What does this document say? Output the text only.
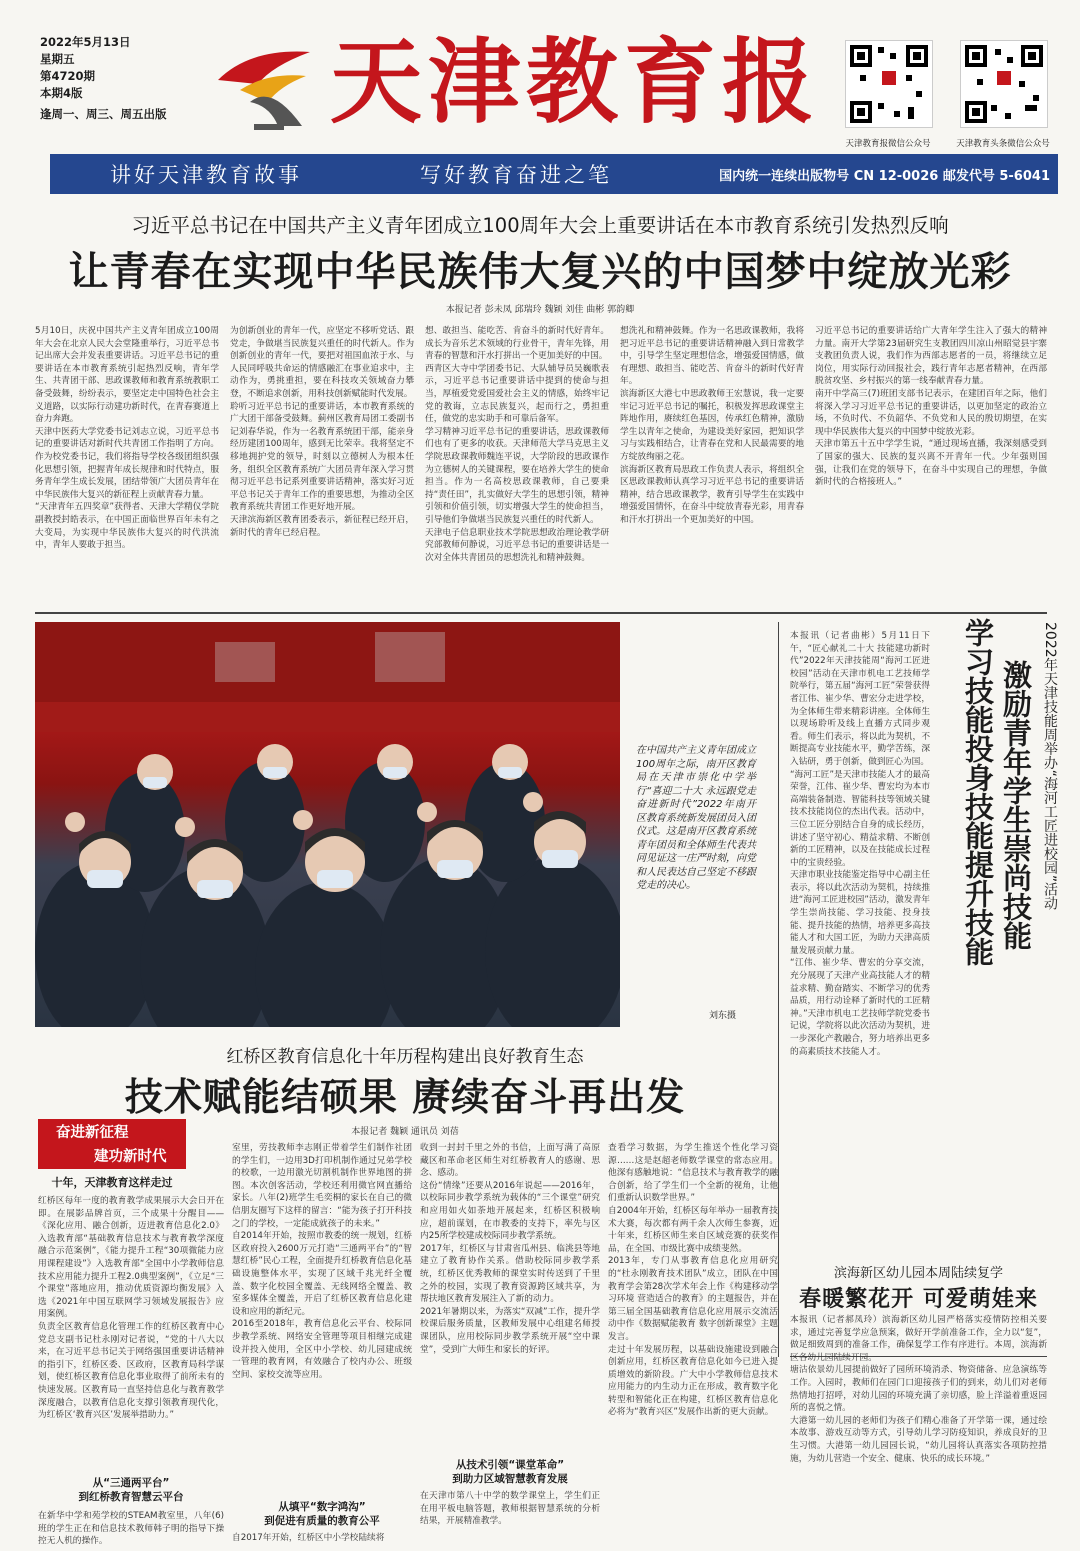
2022年5月13日
星期五
第4720期
本期4版
逢周一、周三、周五出版 天津教育报
天津教育报微信公众号	天津教育头条微信公众号
讲好天津教育故事	写好教育奋进之笔	国内统一连续出版物号 CN 12-0026 邮发代号 5-6041
习近平总书记在中国共产主义青年团成立100周年大会上重要讲话在本市教育系统引发热烈反响
让青春在实现中华民族伟大复兴的中国梦中绽放光彩
本报记者 彭未凤 邱瑞玲 魏颖 刘佳 曲彬 郭韵卿
5月10日，庆祝中国共产主义青年团成立100周年大会在北京人民大会堂隆重举行，习近平总书记出席大会并发表重要讲话。习近平总书记的重要讲话在本市教育系统引起热烈反响，青年学生、共青团干部、思政课教师和教育系统教职工备受鼓舞，纷纷表示，要坚定走中国特色社会主义道路，以实际行动建功新时代，在青春赛道上奋力奔跑。
天津中医药大学党委书记刘志立说，习近平总书记的重要讲话对新时代共青团工作指明了方向。作为校党委书记，我们将指导学校各级团组织强化思想引领，把握青年成长规律和时代特点，服务青年学生成长发展，团结带领广大团员青年在中华民族伟大复兴的新征程上贡献青春力量。
“天津青年五四奖章”获得者、天津大学精仪学院副教授封皓表示，在中国正面临世界百年未有之大变局，为实现中华民族伟大复兴的时代洪流中，青年人要敢于担当。
为创新创业的青年一代，应坚定不移听党话、跟党走，争做堪当民族复兴重任的时代新人。作为创新创业的青年一代，要把对祖国血浓于水、与人民同呼吸共命运的情感融汇在事业追求中，主动作为，勇挑重担，要在科技攻关领域奋力攀登，不断追求创新，用科技创新赋能时代发展。
聆听习近平总书记的重要讲话，本市教育系统的广大团干部备受鼓舞。蓟州区教育局团工委副书记刘春华说，作为一名教育系统团干部，能亲身经历建团100周年，感到无比荣幸。我将坚定不移地拥护党的领导，时刻以立德树人为根本任务，组织全区教育系统广大团员青年深入学习贯彻习近平总书记系列重要讲话精神，落实好习近平总书记关于青年工作的重要思想，为推动全区教育系统共青团工作更好地开展。
天津滨海新区教育团委表示，新征程已经开启，新时代的青年已经启程。
想、敢担当、能吃苦、肯奋斗的新时代好青年。成长为音乐艺术领域的行业骨干，青年先锋，用青春的智慧和汗水打拼出一个更加美好的中国。
西青区大寺中学团委书记、大队辅导员吴巍歌表示，习近平总书记重要讲话中提到的使命与担当，厚植爱党爱国爱社会主义的情感，始终牢记党的教诲，立志民族复兴，起而行之，勇担重任，做党的忠实助手和可靠后备军。
学习精神习近平总书记的重要讲话，思政课教师们也有了更多的收获。天津师范大学马克思主义学院思政课教师魏连平说，大学阶段的思政课作为立德树人的关键课程，要在培养大学生的使命担当。作为一名高校思政课教师，自己要秉持“责任田”，扎实做好大学生的思想引领，精神引领和价值引领，切实增强大学生的使命担当，引导他们争做堪当民族复兴重任的时代新人。
天津电子信息职业技术学院思想政治理论教学研究部教师何静说，习近平总书记的重要讲话是一次对全体共青团员的思想洗礼和精神鼓舞。
想洗礼和精神鼓舞。作为一名思政课教师，我将把习近平总书记的重要讲话精神融入到日常教学中，引导学生坚定理想信念，增强爱国情感，做有理想、敢担当、能吃苦、肯奋斗的新时代好青年。
滨海新区大港七中思政教师王宏慧说，我一定要牢记习近平总书记的嘱托，积极发挥思政课堂主阵地作用，赓续红色基因，传承红色精神，激励学生以青年之使命，为建设美好家园，把知识学习与实践相结合，让青春在党和人民最需要的地方绽放绚丽之花。
滨海新区教育局思政工作负责人表示，将组织全区思政课教师认真学习习近平总书记的重要讲话精神，结合思政课教学，教育引导学生在实践中增强爱国情怀，在奋斗中绽放青春光彩，用青春和汗水打拼出一个更加美好的中国。
习近平总书记的重要讲话给广大青年学生注入了强大的精神力量。南开大学第23届研究生支教团四川凉山州昭觉县宇寨支教团负责人说，我们作为西部志愿者的一员，将继续立足岗位，用实际行动回报社会，践行青年志愿者精神，在西部脱贫攻坚、乡村振兴的第一线奉献青春力量。
南开中学高三(7)班团支部书记表示，在建团百年之际，他们将深入学习习近平总书记的重要讲话，以更加坚定的政治立场，不负时代、不负韶华、不负党和人民的殷切期望，在实现中华民族伟大复兴的中国梦中绽放光彩。
天津市第五十五中学学生说，“通过现场直播，我深刻感受到了国家的强大、民族的复兴离不开青年一代。少年强则国强，让我们在党的领导下，在奋斗中实现自己的理想，争做新时代的合格接班人。”
在中国共产主义青年团成立100周年之际，南开区教育局在天津市崇化中学举行“喜迎二十大 永远跟党走 奋进新时代”2022年南开区教育系统新发展团员入团仪式。这是南开区教育系统青年团员和全体师生代表共同见证这一庄严时刻，向党和人民表达自己坚定不移跟党走的决心。
刘东摄
本报讯（记者曲彬）5月11日下午，“匠心献礼二十大 技能建功新时代”2022年天津技能周“海河工匠进校园”活动在天津市机电工艺技师学院举行，第五届“海河工匠”荣誉获得者江伟、崔少华、曹宏分走进学校，为全体师生带来精彩讲座。全体师生以现场聆听及线上直播方式同步观看。师生们表示，将以此为契机，不断提高专业技能水平，勤学苦练，深入钻研，勇于创新，做到匠心为国。
“海河工匠”是天津市技能人才的最高荣誉，江伟、崔少华、曹宏均为本市高端装备制造、智能科技等领域关键技术技能岗位的杰出代表。活动中，三位工匠分别结合自身的成长经历，讲述了坚守初心、精益求精、不断创新的工匠精神，以及在技能成长过程中的宝贵经验。
天津市职业技能鉴定指导中心副主任表示，将以此次活动为契机，持续推进“海河工匠进校园”活动，激发青年学生崇尚技能、学习技能、投身技能、提升技能的热情，培养更多高技能人才和大国工匠，为助力天津高质量发展贡献力量。
“江伟、崔少华、曹宏的分享交流，充分展现了天津产业高技能人才的精益求精、勤奋踏实、不断学习的优秀品质，用行动诠释了新时代的工匠精神。”天津市机电工艺技师学院党委书记说，学院将以此次活动为契机，进一步深化产教融合，努力培养出更多的高素质技术技能人才。
2022年天津技能周举办“海河工匠进校园”活动
激励青年学生崇尚技能
学习技能投身技能提升技能
红桥区教育信息化十年历程构建出良好教育生态
技术赋能结硕果 赓续奋斗再出发
本报记者 魏颖 通讯员 刘蓓
奋进新征程
建功新时代
十年，天津教育这样走过
红桥区每年一度的教育教学成果展示大会日开在即。在展影品牌首页，三个成果十分醒目——《深化应用、融合创新，迈进教育信息化2.0》入选教育部“基础教育信息技术与教育教学深度融合示范案例”，《能力提升工程“30项微能力应用课程建设”》入选教育部“全国中小学教师信息技术应用能力提升工程2.0典型案例”，《立足“三个课堂”落地应用，推动优质资源均衡发展》入选《2021年中国互联网学习领域发展报告》应用案例。
负责全区教育信息化管理工作的红桥区教育中心党总支副书记杜永刚对记者说，“党的十八大以来，在习近平总书记关于网络强国重要讲话精神的指引下，红桥区委、区政府，区教育局科学谋划，使红桥区教育信息化事业取得了前所未有的快速发展。区教育局一直坚持信息化与教育教学深度融合，以教育信息化支撑引领教育现代化，为红桥区‘教育兴区’发展举措助力。”
从“三通两平台”
到红桥教育智慧云平台
在新华中学和苑学校的STEAM教室里，八年(6)班的学生正在和信息技术教师韩子明的指导下操控无人机的操作。
室里，劳技教师李志刚正带着学生们制作社团的学生们，一边用3D打印机制作通过兄弟学校的校歌，一边用激光切割机制作世界地图的拼图。本次创客活动，学校还利用微官网直播给家长。八年(2)班学生毛奕桐的家长在自己的微信朋友圈写下这样的留言：“能为孩子打开科技之门的学校，一定能成就孩子的未来。”
自2014年开始，按照市教委的统一规划，红桥区政府投入2600万元打造“三通两平台”的“智慧红桥”民心工程，全面提升红桥教育信息化基础设施整体水平，实现了区域千兆光纤全覆盖、数字化校园全覆盖、无线网络全覆盖、教室多媒体全覆盖，开启了红桥区教育信息化建设和应用的新纪元。
2016至2018年，教育信息化云平台、校际同步教学系统、网络安全管理等项目相继完成建设并投入使用，全区中小学校、幼儿园建成统一管理的教育网，有效融合了校内办公、班级空间、家校交流等应用。
从填平“数字鸿沟”
到促进有质量的教育公平
自2017年开始，红桥区中小学校陆续将
收到一封封千里之外的书信，上面写满了高原藏区和革命老区师生对红桥教育人的感谢、思念、感动。
这份“情缘”还要从2016年说起——2016年，以校际同步教学系统为载体的“三个课堂”研究和应用如火如荼地开展起来，红桥区积极响应，超前谋划，在市教委的支持下，率先与区内25所学校建成校际同步教学系统。
2017年，红桥区与甘肃省瓜州县、临洮县等地建立了教育协作关系。借助校际同步教学系统，红桥区优秀教师的课堂实时传送到了千里之外的校园，实现了教育资源跨区域共享，为帮扶地区教育发展注入了新的动力。
2021年暑期以来，为落实“双减”工作，提升学校课后服务质量，区教师发展中心组建名师授课团队，应用校际同步教学系统开展“空中课堂”，受到广大师生和家长的好评。
从技术引领“课堂革命”
到助力区域智慧教育发展
在天津市第八十中学的数学课堂上，学生们正在用平板电脑答题，教师根据智慧系统的分析结果，开展精准教学。
查看学习数据，为学生推送个性化学习资源……这是赵超老师数学课堂的常态应用。他深有感触地说：“信息技术与教育教学的融合创新，给了学生们一个全新的视角，让他们重新认识数学世界。”
自2004年开始，红桥区每年举办一届教育技术大赛，每次都有两千余人次师生参赛，近十年来，红桥区师生来自区域竞赛的获奖作品，在全国、市级比赛中成绩斐然。
2013年，专门从事教育信息化应用研究的“杜永刚教育技术团队”成立，团队在中国教育学会第28次学术年会上作《构建移动学习环境 营造适合的教育》的主题报告，并在第三届全国基础教育信息化应用展示交流活动中作《数据赋能教育 数字创新课堂》主题发言。
走过十年发展历程，以基础设施建设到融合创新应用，红桥区教育信息化如今已进入提质增效的新阶段。广大中小学教师信息技术应用能力的内生动力正在形成，教育数字化转型和智能化正在构建，红桥区教育信息化必将为“教育兴区”发展作出新的更大贡献。
滨海新区幼儿园本周陆续复学
春暖繁花开 可爱萌娃来
本报讯（记者郝凤玲）滨海新区幼儿园严格落实疫情防控相关要求，通过完善复学应急预案，做好开学前准备工作，全力以“复”，做足细致周到的准备工作，确保复学工作有序进行。本周，滨海新区各幼儿园陆续开园。
塘沽依景幼儿园提前做好了园所环境消杀、物资储备、应急演练等工作。入园时，教师们在园门口迎接孩子们的到来，幼儿们对老师热情地打招呼，对幼儿园的环境充满了亲切感，脸上洋溢着重返园所的喜悦之情。
大港第一幼儿园的老师们为孩子们精心准备了开学第一课，通过绘本故事、游戏互动等方式，引导幼儿学习防疫知识，养成良好的卫生习惯。大港第一幼儿园园长说，“幼儿园将认真落实各项防控措施，为幼儿营造一个安全、健康、快乐的成长环境。”
